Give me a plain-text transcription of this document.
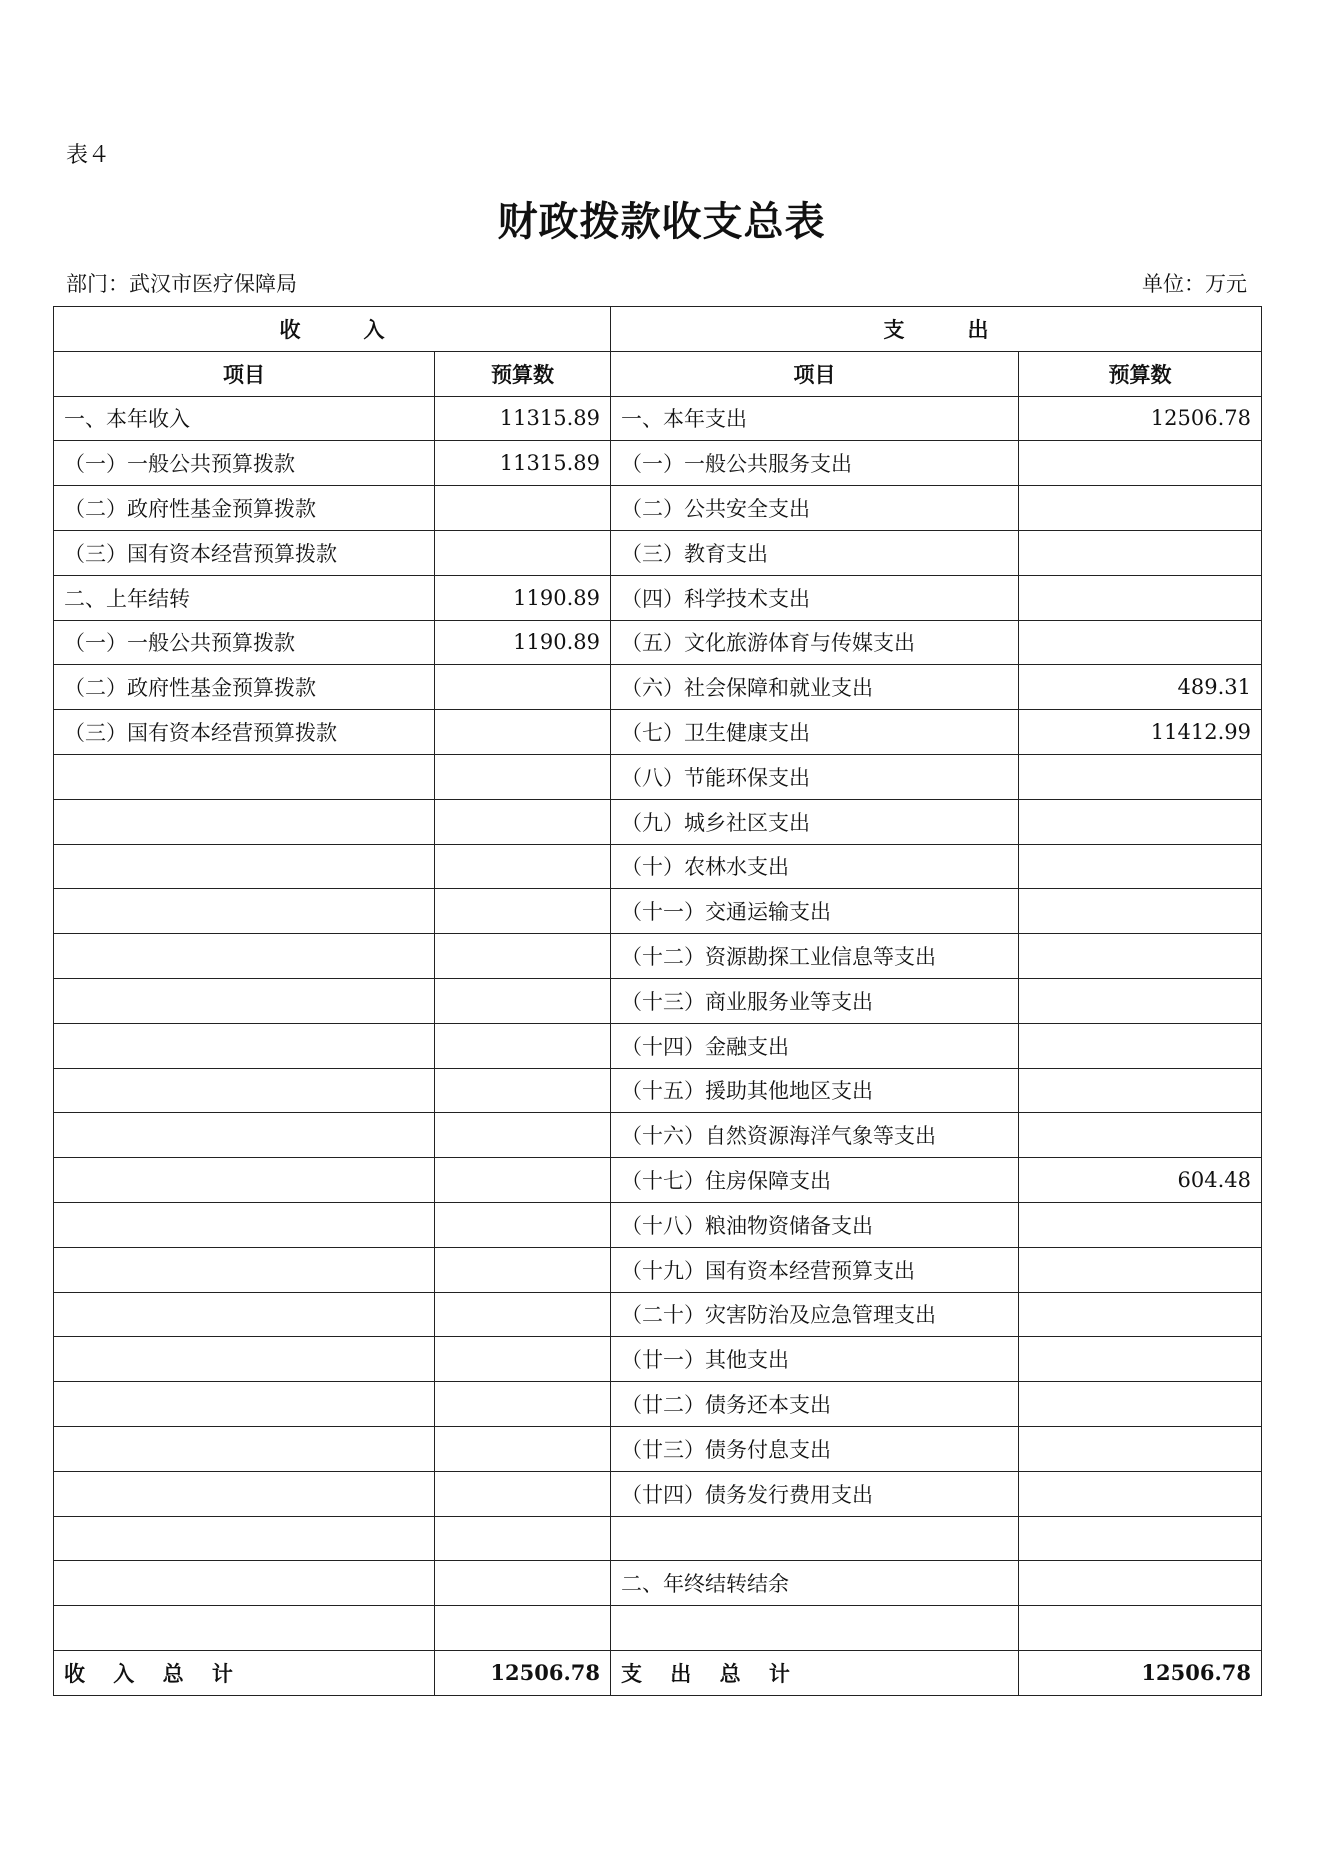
表４
财政拨款收支总表
部门：武汉市医疗保障局	单位：万元
收　　　入		支　　　出	
项目	预算数	项目	预算数
一、本年收入	11315.89	一、本年支出	12506.78
（一）一般公共预算拨款	11315.89	（一）一般公共服务支出	
（二）政府性基金预算拨款		（二）公共安全支出	
（三）国有资本经营预算拨款		（三）教育支出	
二、上年结转	1190.89	（四）科学技术支出	
（一）一般公共预算拨款	1190.89	（五）文化旅游体育与传媒支出	
（二）政府性基金预算拨款		（六）社会保障和就业支出	489.31
（三）国有资本经营预算拨款		（七）卫生健康支出	11412.99
		（八）节能环保支出	
		（九）城乡社区支出	
		（十）农林水支出	
		（十一）交通运输支出	
		（十二）资源勘探工业信息等支出	
		（十三）商业服务业等支出	
		（十四）金融支出	
		（十五）援助其他地区支出	
		（十六）自然资源海洋气象等支出	
		（十七）住房保障支出	604.48
		（十八）粮油物资储备支出	
		（十九）国有资本经营预算支出	
		（二十）灾害防治及应急管理支出	
		（廿一）其他支出	
		（廿二）债务还本支出	
		（廿三）债务付息支出	
		（廿四）债务发行费用支出	

		二、年终结转结余	

收　 入　 总　 计	12506.78	支　 出　 总　 计	12506.78
